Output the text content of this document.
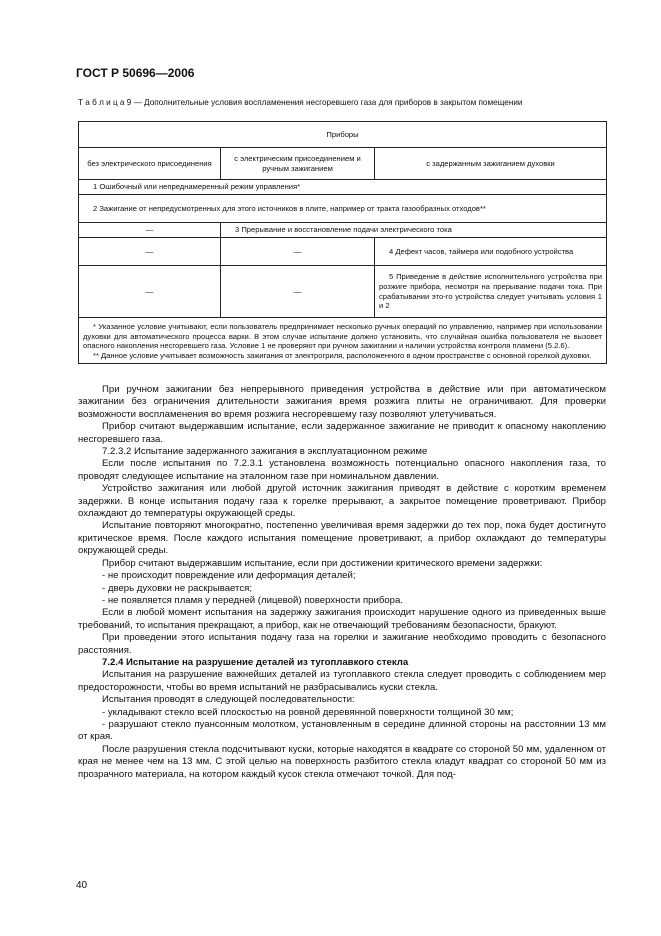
ГОСТ Р 50696—2006
Т а б л и ц а 9 — Дополнительные условия воспламенения несгоревшего газа для приборов в закрытом помещении
Приборы		
без электрического присоединения	с электрическим присоединением и ручным зажиганием	с задержанным зажиганием духовки
1 Ошибочный или непреднамеренный режим управления*		
2 Зажигание от непредусмотренных для этого источников в плите, например от тракта газообразных отходов**		
—	3 Прерывание и восстановление подачи электрического тока	
—	—	4 Дефект часов, таймера или подобного устройства
—	—	5 Приведение в действие исполнительного устройства при розжиге прибора, несмотря на прерывание подачи тока. При срабатывании это-го устройства следует учитывать условия 1 и 2

* Указанное условие учитывают, если пользователь предпринимает несколько ручных операций по управлению, например при использовании духовки для автоматического процесса варки. В этом случае испытание должно установить, что случайная ошибка пользователя не вызовет опасного накопления несгоревшего газа. Условие 1 не проверяют при ручном зажигании и наличии устройства контроля пламени (5.2.6).

** Данное условие учитывает возможность зажигания от электрогриля, расположенного в одном пространстве с основной горелкой духовки.		

При ручном зажигании без непрерывного приведения устройства в действие или при автоматическом зажигании без ограничения длительности зажигания время розжига плиты не ограничивают. Для проверки возможности воспламенения во время розжига несгоревшему газу позволяют улетучиваться.

Прибор считают выдержавшим испытание, если задержанное зажигание не приводит к опасному накоплению несгоревшего газа.

7.2.3.2 Испытание задержанного зажигания в эксплуатационном режиме

Если после испытания по 7.2.3.1 установлена возможность потенциально опасного накопления газа, то проводят следующее испытание на эталонном газе при номинальном давлении.

Устройство зажигания или любой другой источник зажигания приводят в действие с коротким временем задержки. В конце испытания подачу газа к горелке прерывают, а закрытое помещение проветривают. Прибор охлаждают до температуры окружающей среды.

Испытание повторяют многократно, постепенно увеличивая время задержки до тех пор, пока будет достигнуто критическое время. После каждого испытания помещение проветривают, а прибор охлаждают до температуры окружающей среды.

Прибор считают выдержавшим испытание, если при достижении критического времени задержки:

- не происходит повреждение или деформация деталей;

- дверь духовки не раскрывается;

- не появляется пламя у передней (лицевой) поверхности прибора.

Если в любой момент испытания на задержку зажигания происходит нарушение одного из приведенных выше требований, то испытания прекращают, а прибор, как не отвечающий требованиям безопасности, бракуют.

При проведении этого испытания подачу газа на горелки и зажигание необходимо проводить с безопасного расстояния.

7.2.4 Испытание на разрушение деталей из тугоплавкого стекла

Испытания на разрушение важнейших деталей из тугоплавкого стекла следует проводить с соблюдением мер предосторожности, чтобы во время испытаний не разбрасывались куски стекла.

Испытания проводят в следующей последовательности:

- укладывают стекло всей плоскостью на ровной деревянной поверхности толщиной 30 мм;

- разрушают стекло пуансонным молотком, установленным в середине длинной стороны на расстоянии 13 мм от края.

После разрушения стекла подсчитывают куски, которые находятся в квадрате со стороной 50 мм, удаленном от края не менее чем на 13 мм. С этой целью на поверхность разбитого стекла кладут квадрат со стороной 50 мм из прозрачного материала, на котором каждый кусок стекла отмечают точкой. Для под-

40
